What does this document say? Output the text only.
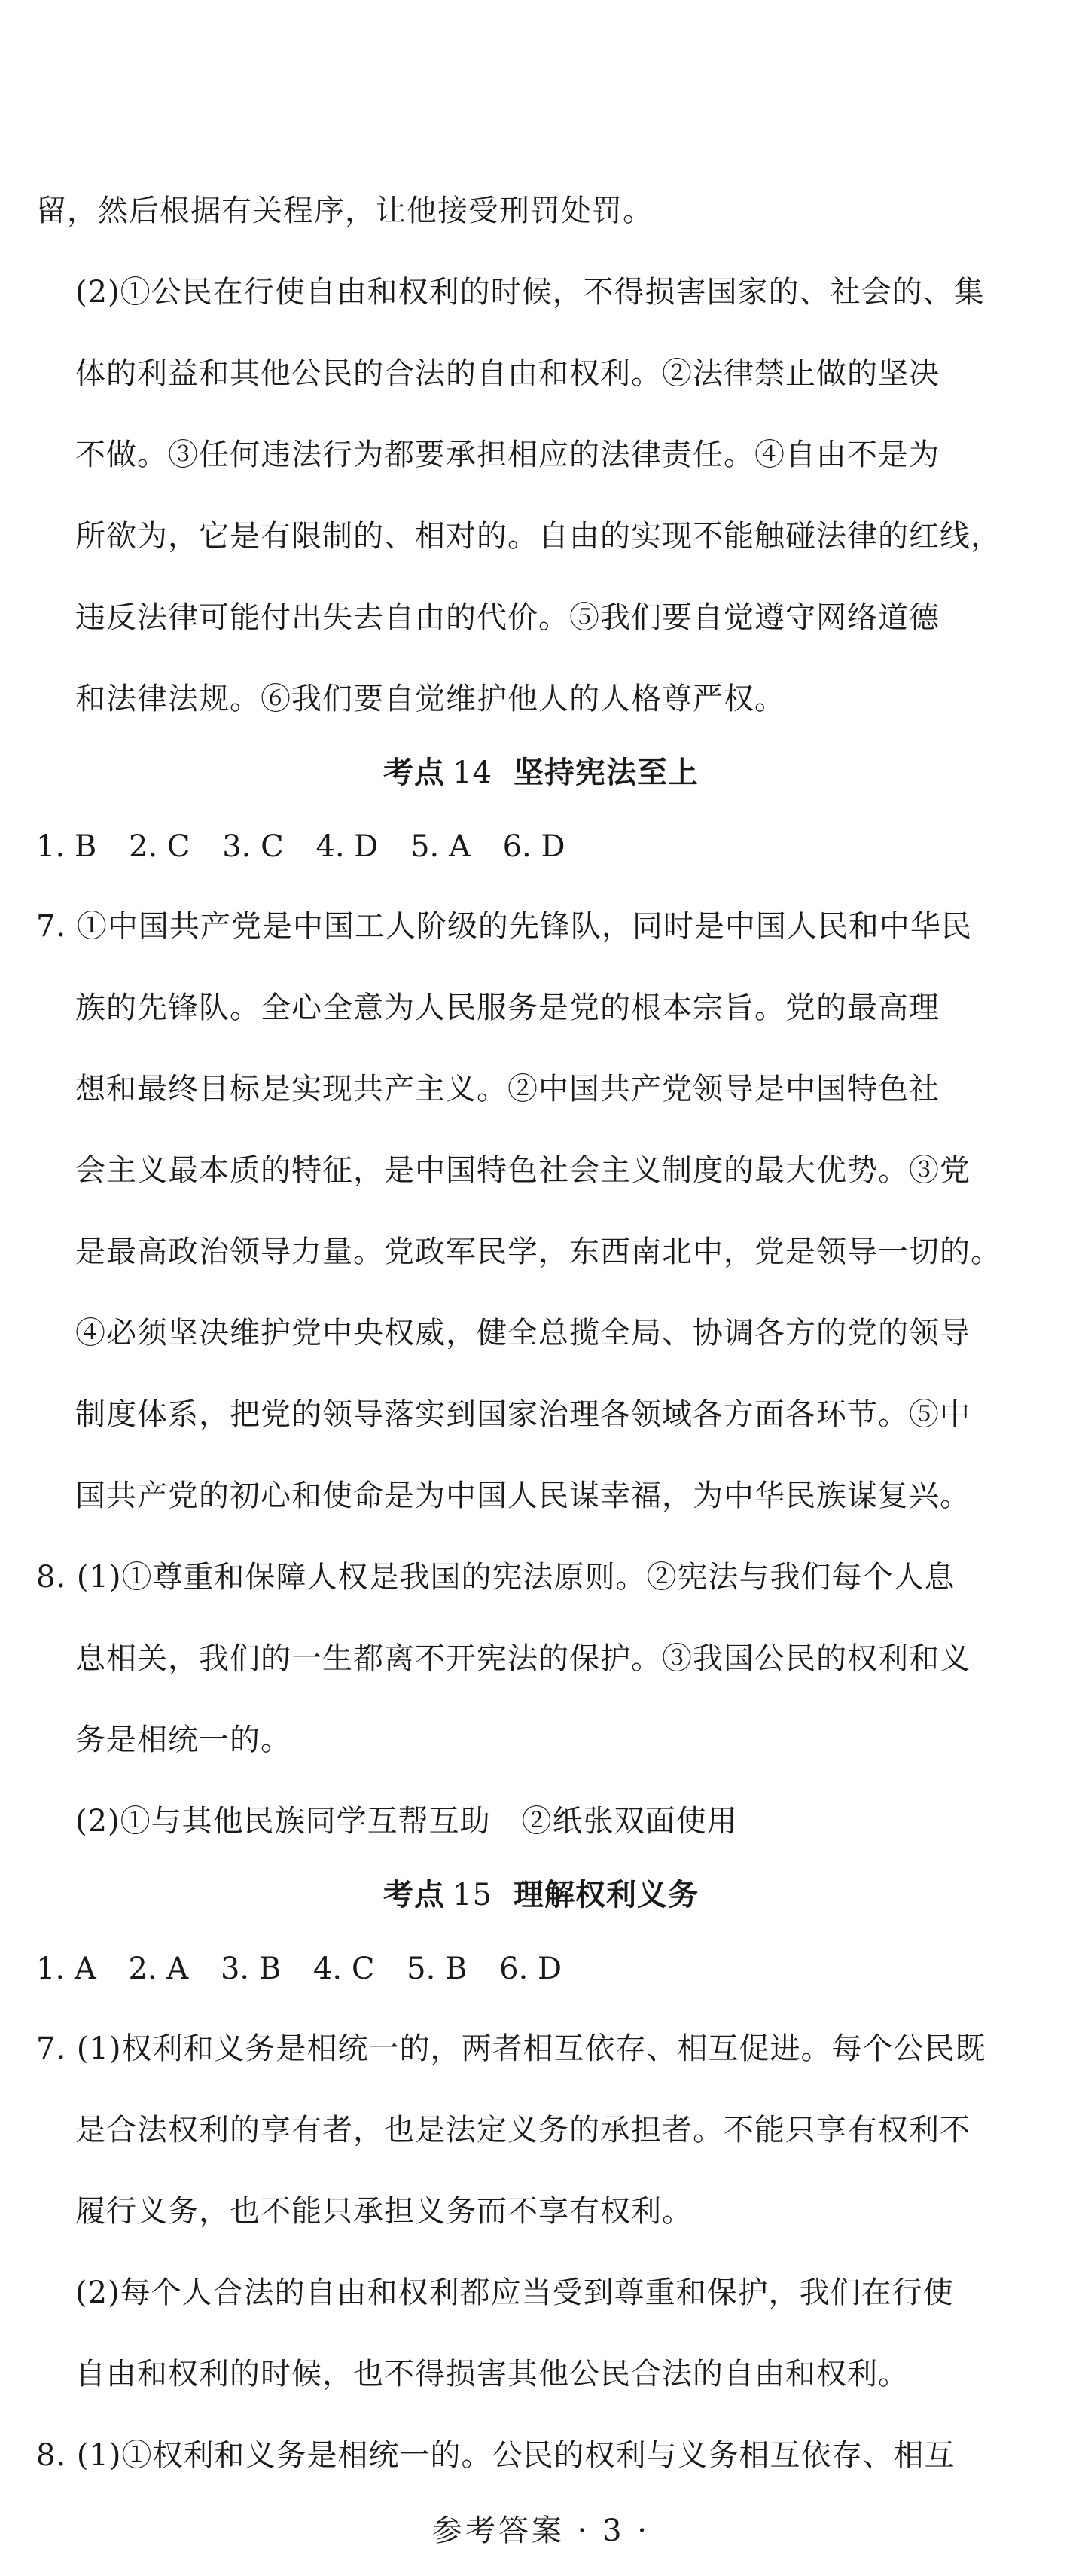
留，然后根据有关程序，让他接受刑罚处罚。
(2)①公民在行使自由和权利的时候，不得损害国家的、社会的、集
体的利益和其他公民的合法的自由和权利。②法律禁止做的坚决
不做。③任何违法行为都要承担相应的法律责任。④自由不是为
所欲为，它是有限制的、相对的。自由的实现不能触碰法律的红线，
违反法律可能付出失去自由的代价。⑤我们要自觉遵守网络道德
和法律法规。⑥我们要自觉维护他人的人格尊严权。
考点 14 坚持宪法至上
1. B 2. C 3. C 4. D 5. A 6. D
7. ①中国共产党是中国工人阶级的先锋队，同时是中国人民和中华民
族的先锋队。全心全意为人民服务是党的根本宗旨。党的最高理
想和最终目标是实现共产主义。②中国共产党领导是中国特色社
会主义最本质的特征，是中国特色社会主义制度的最大优势。③党
是最高政治领导力量。党政军民学，东西南北中，党是领导一切的。
④必须坚决维护党中央权威，健全总揽全局、协调各方的党的领导
制度体系，把党的领导落实到国家治理各领域各方面各环节。⑤中
国共产党的初心和使命是为中国人民谋幸福，为中华民族谋复兴。
8. (1)①尊重和保障人权是我国的宪法原则。②宪法与我们每个人息
息相关，我们的一生都离不开宪法的保护。③我国公民的权利和义
务是相统一的。
(2)①与其他民族同学互帮互助　②纸张双面使用
考点 15 理解权利义务
1. A 2. A 3. B 4. C 5. B 6. D
7. (1)权利和义务是相统一的，两者相互依存、相互促进。每个公民既
是合法权利的享有者，也是法定义务的承担者。不能只享有权利不
履行义务，也不能只承担义务而不享有权利。
(2)每个人合法的自由和权利都应当受到尊重和保护，我们在行使
自由和权利的时候，也不得损害其他公民合法的自由和权利。
8. (1)①权利和义务是相统一的。公民的权利与义务相互依存、相互
参考答案 · 3 ·
